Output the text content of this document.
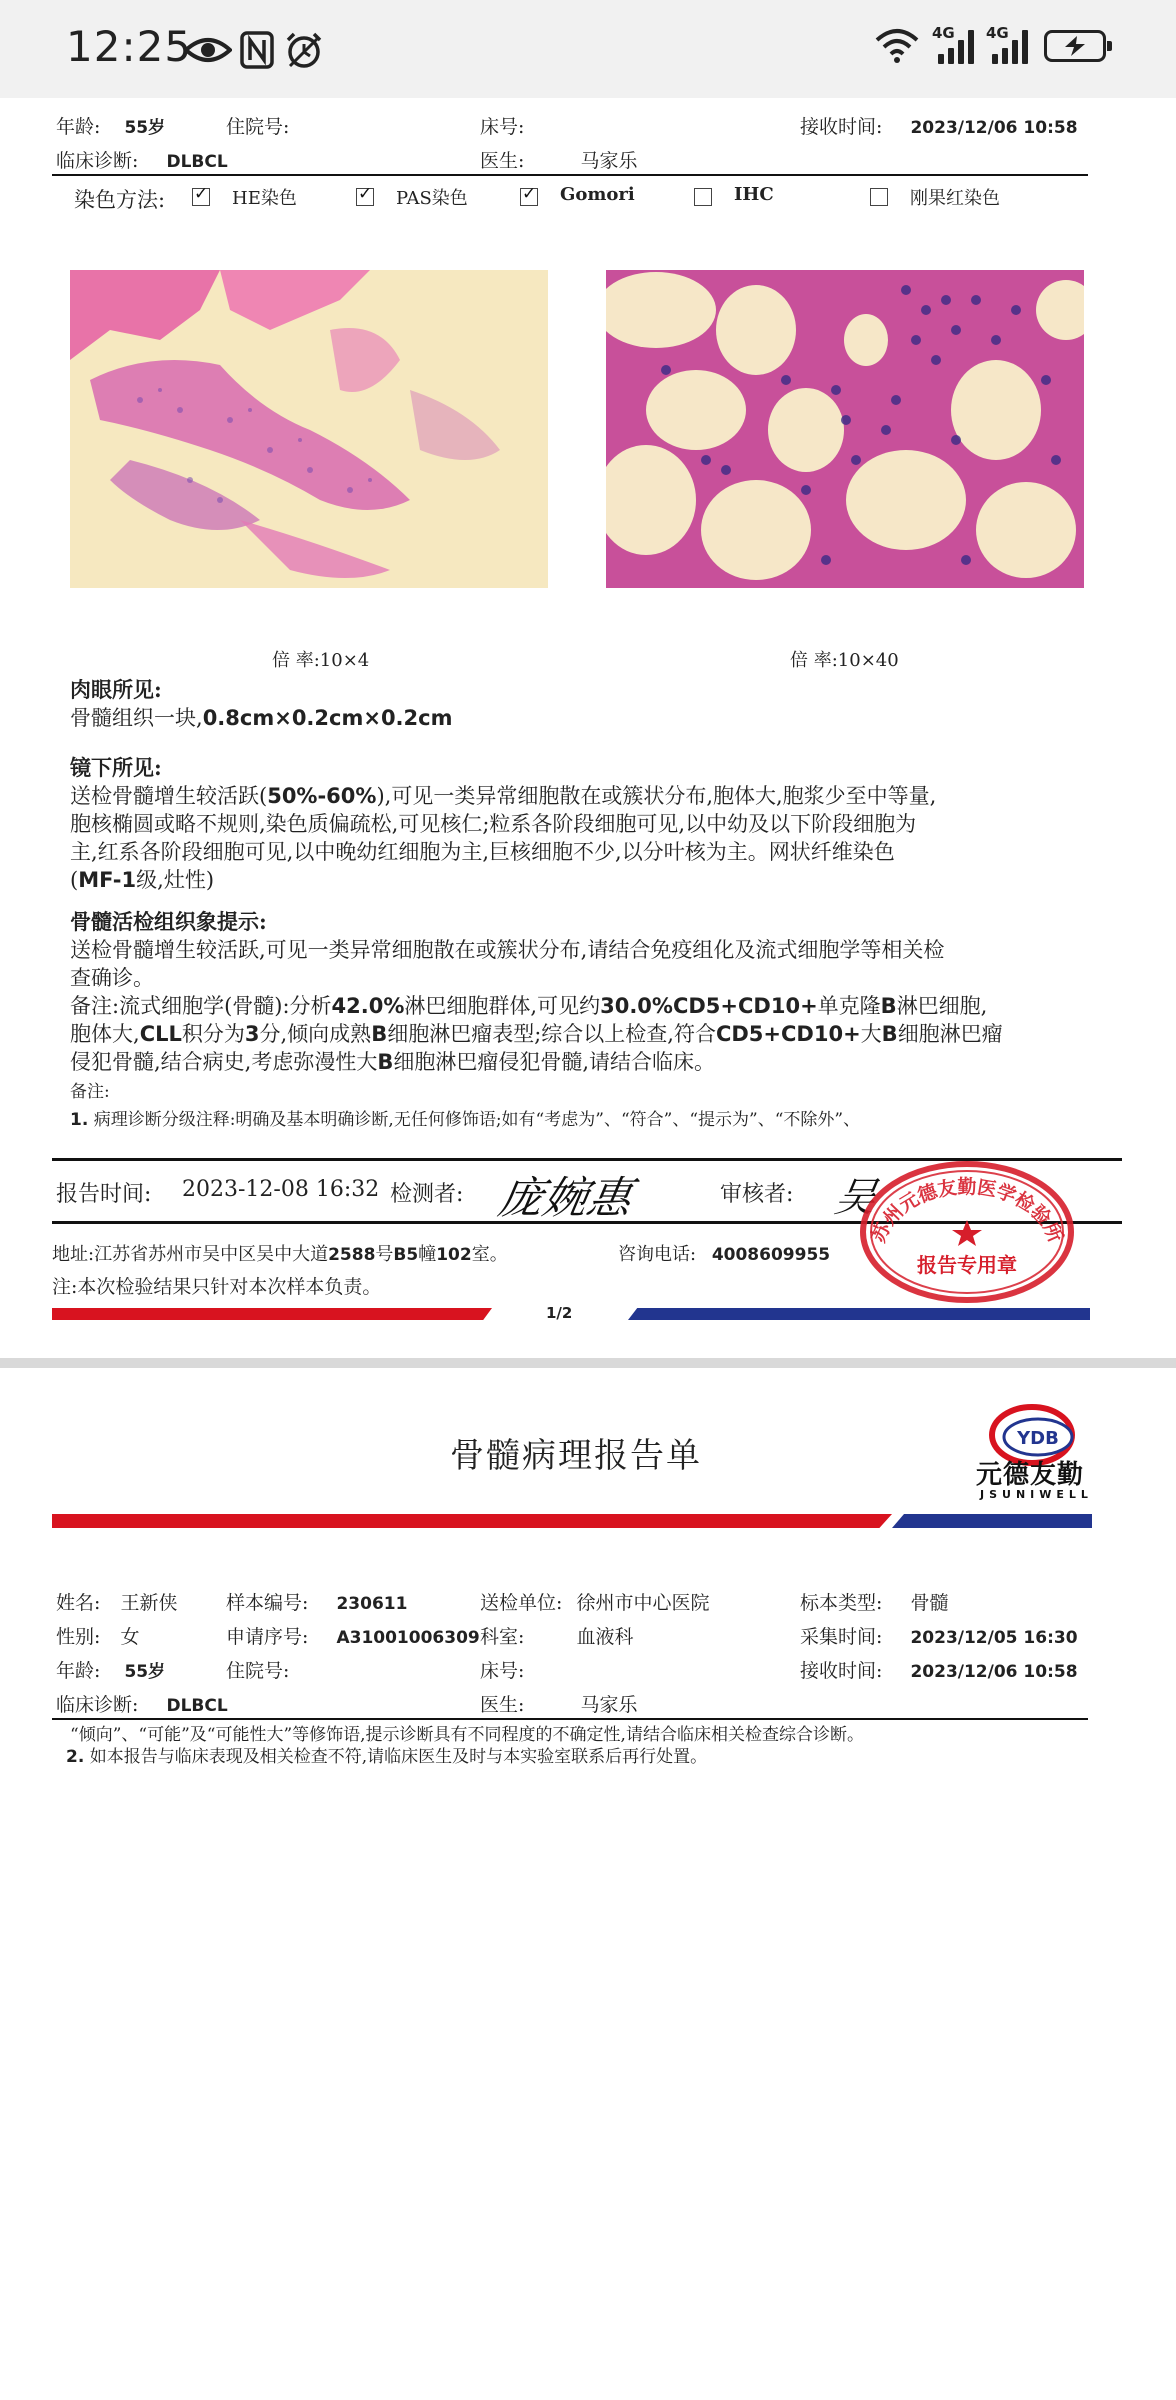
12:25	4G 4G
年龄: 55岁	住院号:	床号:	接收时间: 2023/12/06 10:58
临床诊断: DLBCL	医生:	马家乐
染色方法: ✓	HE染色 ✓	PAS染色 ✓	Gomori	IHC	刚果红染色
倍 率:10×4	倍 率:10×40
肉眼所见:
骨髓组织一块,0.8cm×0.2cm×0.2cm
镜下所见:
送检骨髓增生较活跃(50%-60%),可见一类异常细胞散在或簇状分布,胞体大,胞浆少至中等量,
胞核椭圆或略不规则,染色质偏疏松,可见核仁;粒系各阶段细胞可见,以中幼及以下阶段细胞为
主,红系各阶段细胞可见,以中晚幼红细胞为主,巨核细胞不少,以分叶核为主。网状纤维染色
(MF-1级,灶性)
骨髓活检组织象提示:
送检骨髓增生较活跃,可见一类异常细胞散在或簇状分布,请结合免疫组化及流式细胞学等相关检
查确诊。
备注:流式细胞学(骨髓):分析42.0%淋巴细胞群体,可见约30.0%CD5+CD10+单克隆B淋巴细胞,
胞体大,CLL积分为3分,倾向成熟B细胞淋巴瘤表型;综合以上检查,符合CD5+CD10+大B细胞淋巴瘤
侵犯骨髓,结合病史,考虑弥漫性大B细胞淋巴瘤侵犯骨髓,请结合临床。
备注:
1. 病理诊断分级注释:明确及基本明确诊断,无任何修饰语;如有“考虑为”、“符合”、“提示为”、“不除外”、
报告时间: 2023-12-08 16:32 检测者:	审核者:
庞婉惠	吴
苏州元德友勤医学检验所
报告专用章
地址:江苏省苏州市吴中区吴中大道2588号B5幢102室。	咨询电话: 4008609955
注:本次检验结果只针对本次样本负责。
1/2
骨髓病理报告单	YDB
元德友勤
JSUNIWELL
姓名: 王新侠	样本编号: 230611	送检单位: 徐州市中心医院	标本类型: 骨髓
性别: 女	申请序号: A31001006309 科室:	血液科	采集时间: 2023/12/05 16:30
年龄: 55岁	住院号:	床号:	接收时间: 2023/12/06 10:58
临床诊断: DLBCL	医生:	马家乐
“倾向”、“可能”及“可能性大”等修饰语,提示诊断具有不同程度的不确定性,请结合临床相关检查综合诊断。
2. 如本报告与临床表现及相关检查不符,请临床医生及时与本实验室联系后再行处置。
